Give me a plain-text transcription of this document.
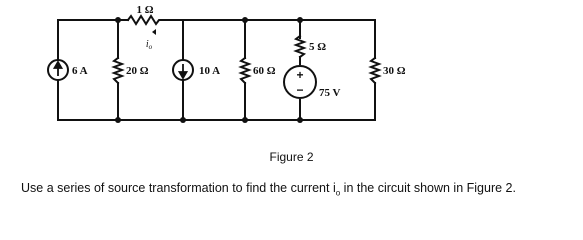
+
−
1 Ω
$i_o$
6 A	20 Ω	10 A	60 Ω
5 Ω
75 V
30 Ω
Figure 2
Use a series of source transformation to find the current $i_o$ in the circuit shown in Figure 2.
